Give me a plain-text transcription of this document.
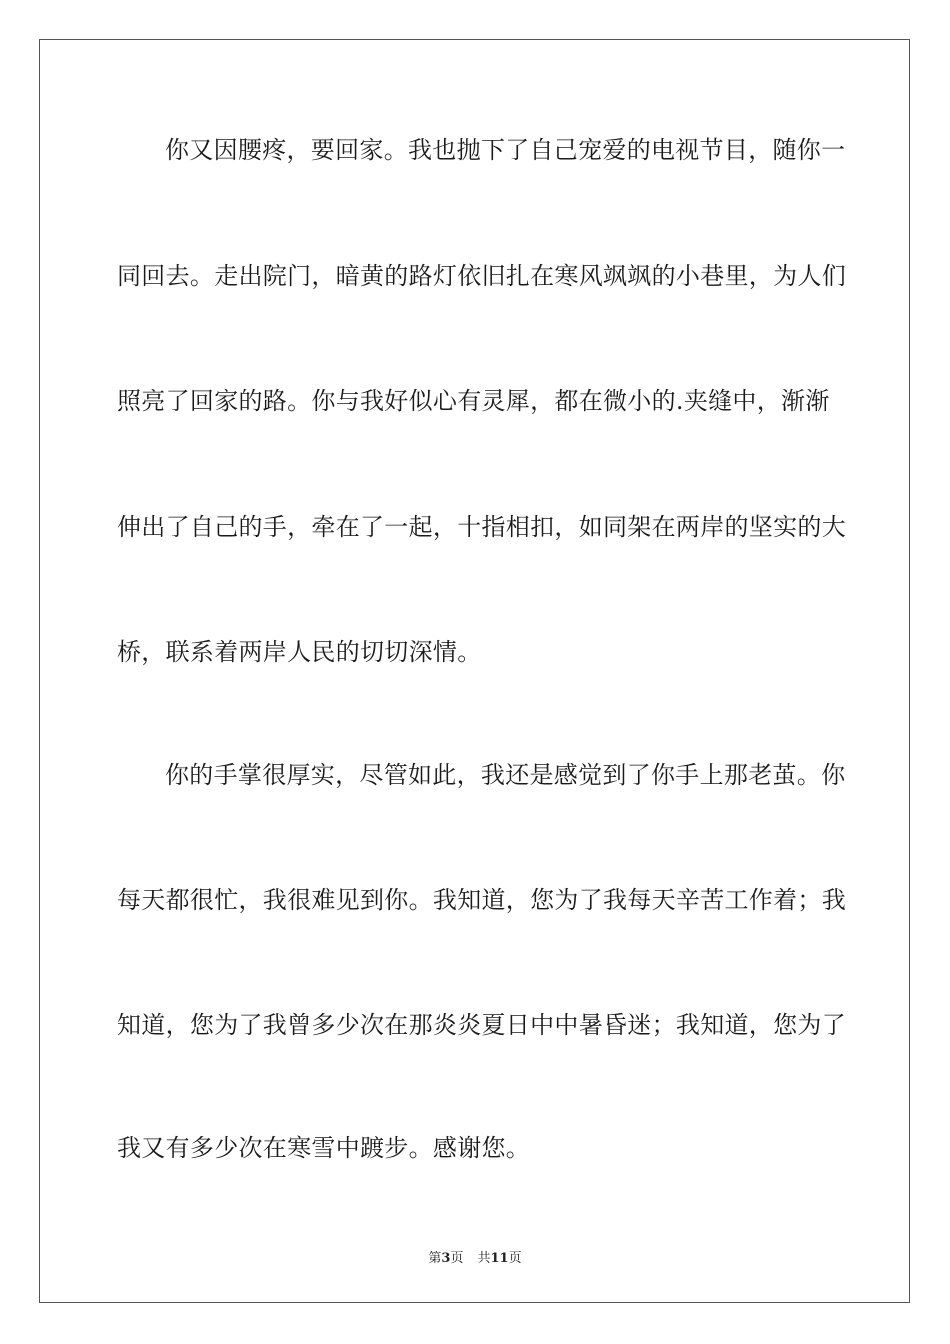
你又因腰疼，要回家。我也抛下了自己宠爱的电视节目，随你一
同回去。走出院门，暗黄的路灯依旧扎在寒风飒飒的小巷里，为人们
照亮了回家的路。你与我好似心有灵犀，都在微小的.夹缝中，渐渐
伸出了自己的手，牵在了一起，十指相扣，如同架在两岸的坚实的大
桥，联系着两岸人民的切切深情。
你的手掌很厚实，尽管如此，我还是感觉到了你手上那老茧。你
每天都很忙，我很难见到你。我知道，您为了我每天辛苦工作着；我
知道，您为了我曾多少次在那炎炎夏日中中暑昏迷；我知道，您为了
我又有多少次在寒雪中踱步。感谢您。
第3页 共11页
